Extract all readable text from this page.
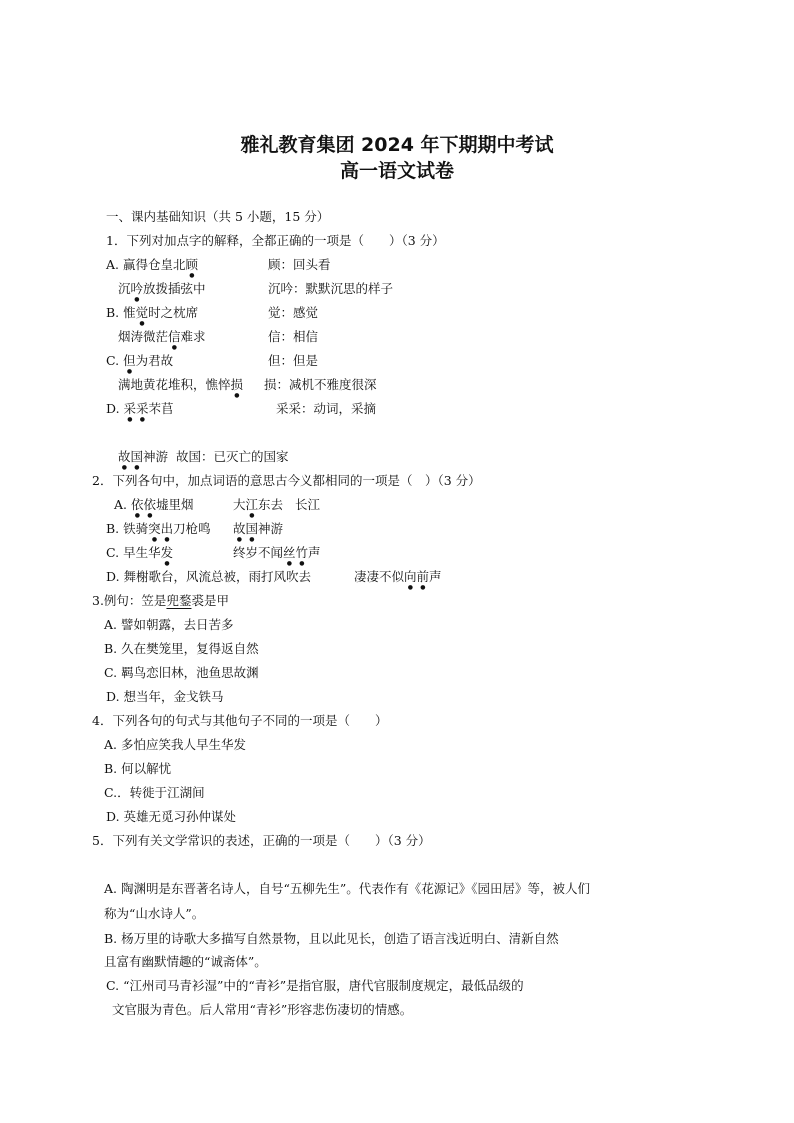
雅礼教育集团 2024 年下期期中考试
高一语文试卷
一、课内基础知识（共 5 小题，15 分）
1．下列对加点字的解释，全都正确的一项是（　　）（3 分）
A. 赢得仓皇北顾	顾：回头看
沉吟放拨插弦中	沉吟：默默沉思的样子
B. 惟觉时之枕席	觉：感觉
烟涛微茫信难求	信：相信
C. 但为君故	但：但是
满地黄花堆积，憔悴损 损：减机不雅度很深
D. 采采芣苢	采采：动词，采摘
故国神游 故国：已灭亡的国家
2．下列各句中，加点词语的意思古今义都相同的一项是（　）（3 分）
A. 依依墟里烟	大江东去 长江
B. 铁骑突出刀枪鸣 故国神游
C. 早生华发	终岁不闻丝竹声
D. 舞榭歌台，风流总被，雨打风吹去	凄凄不似向前声
3.例句：笠是兜鍪裘是甲
A. 譬如朝露，去日苦多
B. 久在樊笼里，复得返自然
C. 羁鸟恋旧林，池鱼思故渊
D. 想当年，金戈铁马
4．下列各句的句式与其他句子不同的一项是（　　）
A. 多怕应笑我人早生华发
B. 何以解忧
C.．转徙于江湖间
D. 英雄无觅习孙仲谋处
5．下列有关文学常识的表述，正确的一项是（　　）（3 分）
A. 陶渊明是东晋著名诗人，自号“五柳先生”。代表作有《花源记》《园田居》等，被人们
称为“山水诗人”。
B. 杨万里的诗歌大多描写自然景物，且以此见长，创造了语言浅近明白、清新自然
且富有幽默情趣的“诚斋体”。
C. “江州司马青衫湿”中的“青衫”是指官服，唐代官服制度规定，最低品级的
文官服为青色。后人常用“青衫”形容悲伤凄切的情感。
